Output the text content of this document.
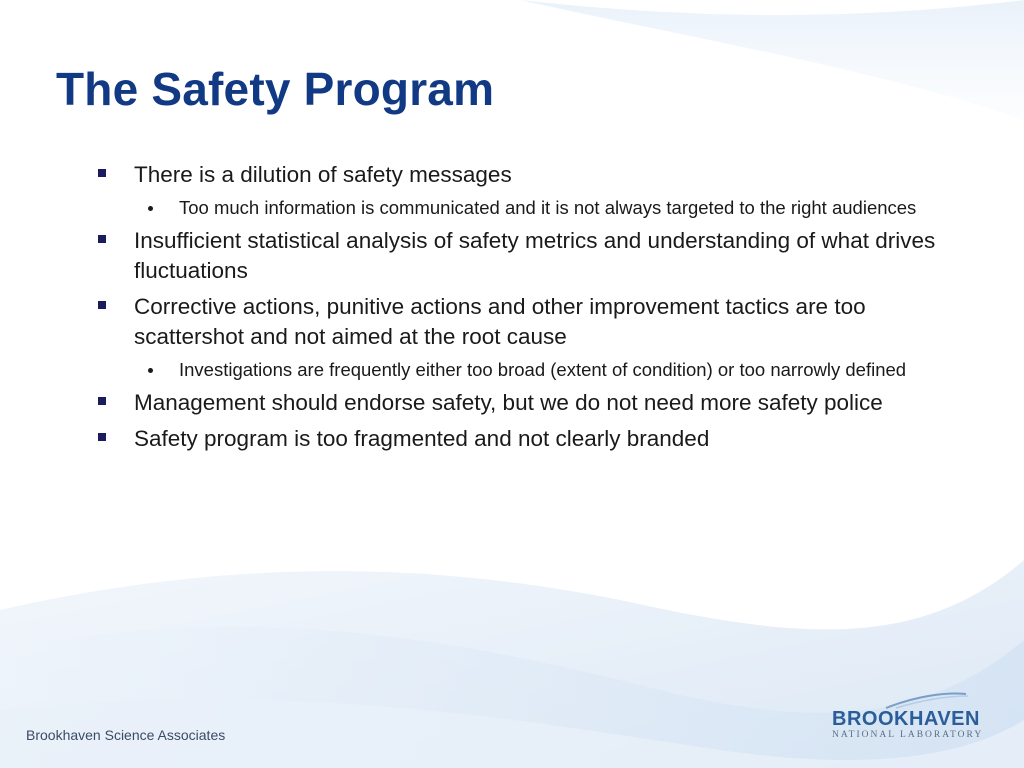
The Safety Program
There is a dilution of safety messages
Too much information is communicated and it is not always targeted to the right audiences
Insufficient statistical analysis of safety metrics and understanding of what drives fluctuations
Corrective actions, punitive actions and other improvement tactics are too scattershot and not aimed at the root cause
Investigations are frequently either too broad (extent of condition) or too narrowly defined
Management should endorse safety, but we do not need more safety police
Safety program is too fragmented and not clearly branded
Brookhaven Science Associates
BROOKHAVEN
NATIONAL LABORATORY
